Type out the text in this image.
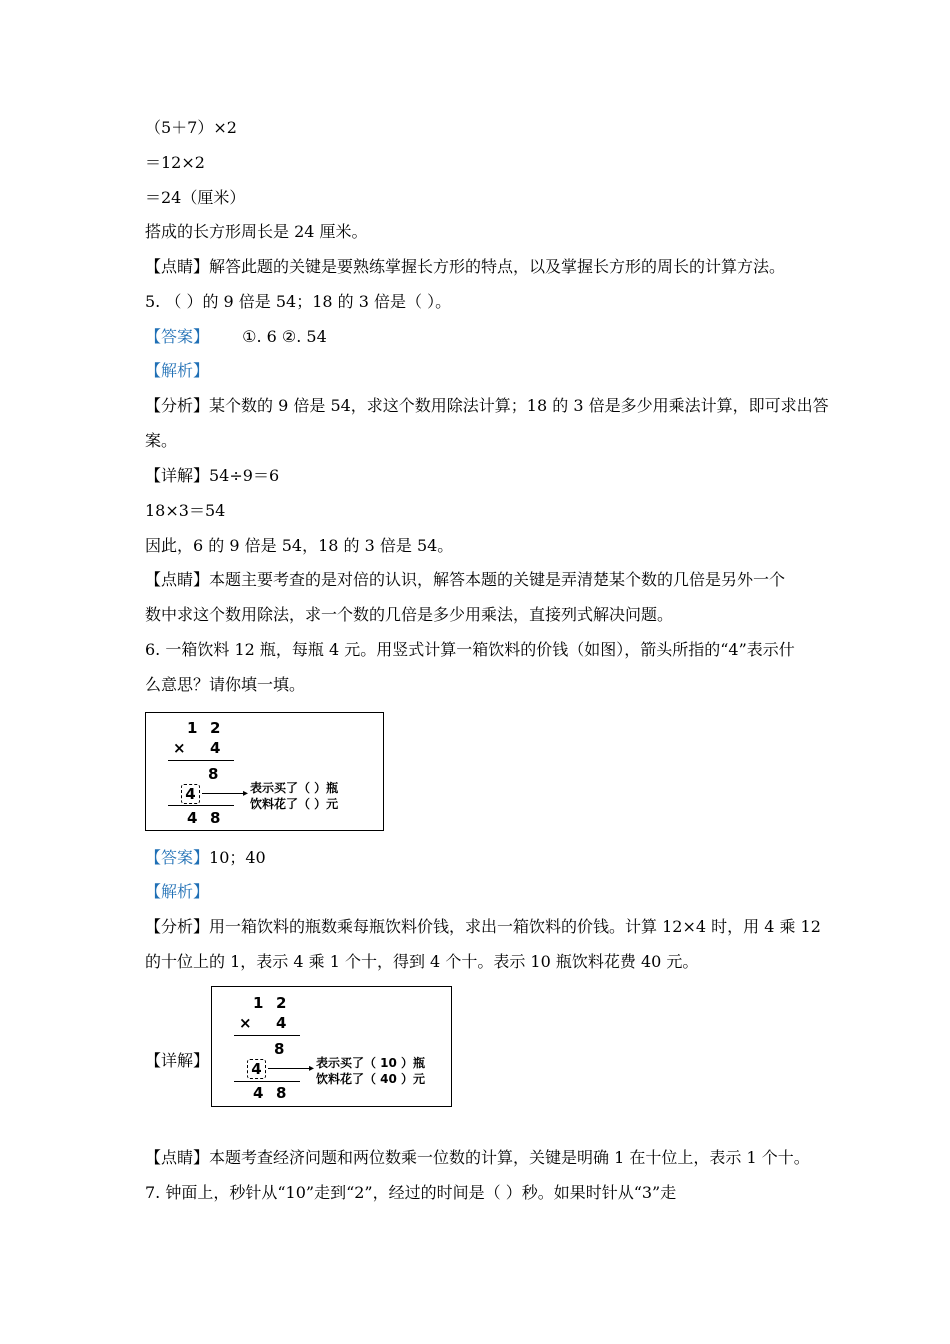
（5＋7）×2
＝12×2
＝24（厘米）
搭成的长方形周长是 24 厘米。
【点睛】解答此题的关键是要熟练掌握长方形的特点，以及掌握长方形的周长的计算方法。
5. （ ）的 9 倍是 54；18 的 3 倍是（ ）。
【答案】 ①. 6 ②. 54
【解析】
【分析】某个数的 9 倍是 54，求这个数用除法计算；18 的 3 倍是多少用乘法计算，即可求出答
案。
【详解】54÷9＝6
18×3＝54
因此，6 的 9 倍是 54，18 的 3 倍是 54。
【点睛】本题主要考查的是对倍的认识，解答本题的关键是弄清楚某个数的几倍是另外一个
数中求这个数用除法，求一个数的几倍是多少用乘法，直接列式解决问题。
6. 一箱饮料 12 瓶，每瓶 4 元。用竖式计算一箱饮料的价钱（如图），箭头所指的“4”表示什
么意思？请你填一填。
1 2
× 4
8
4	▸ 表示买了（ ）瓶
饮料花了（ ）元
4 8
【答案】10；40
【解析】
【分析】用一箱饮料的瓶数乘每瓶饮料价钱，求出一箱饮料的价钱。计算 12×4 时，用 4 乘 12
的十位上的 1，表示 4 乘 1 个十，得到 4 个十。表示 10 瓶饮料花费 40 元。
【详解】
1 2
× 4
8
4	▸ 表示买了（ 10 ）瓶
饮料花了（ 40 ）元
4 8
【点睛】本题考查经济问题和两位数乘一位数的计算，关键是明确 1 在十位上，表示 1 个十。
7. 钟面上，秒针从“10”走到“2”，经过的时间是（ ）秒。如果时针从“3”走
